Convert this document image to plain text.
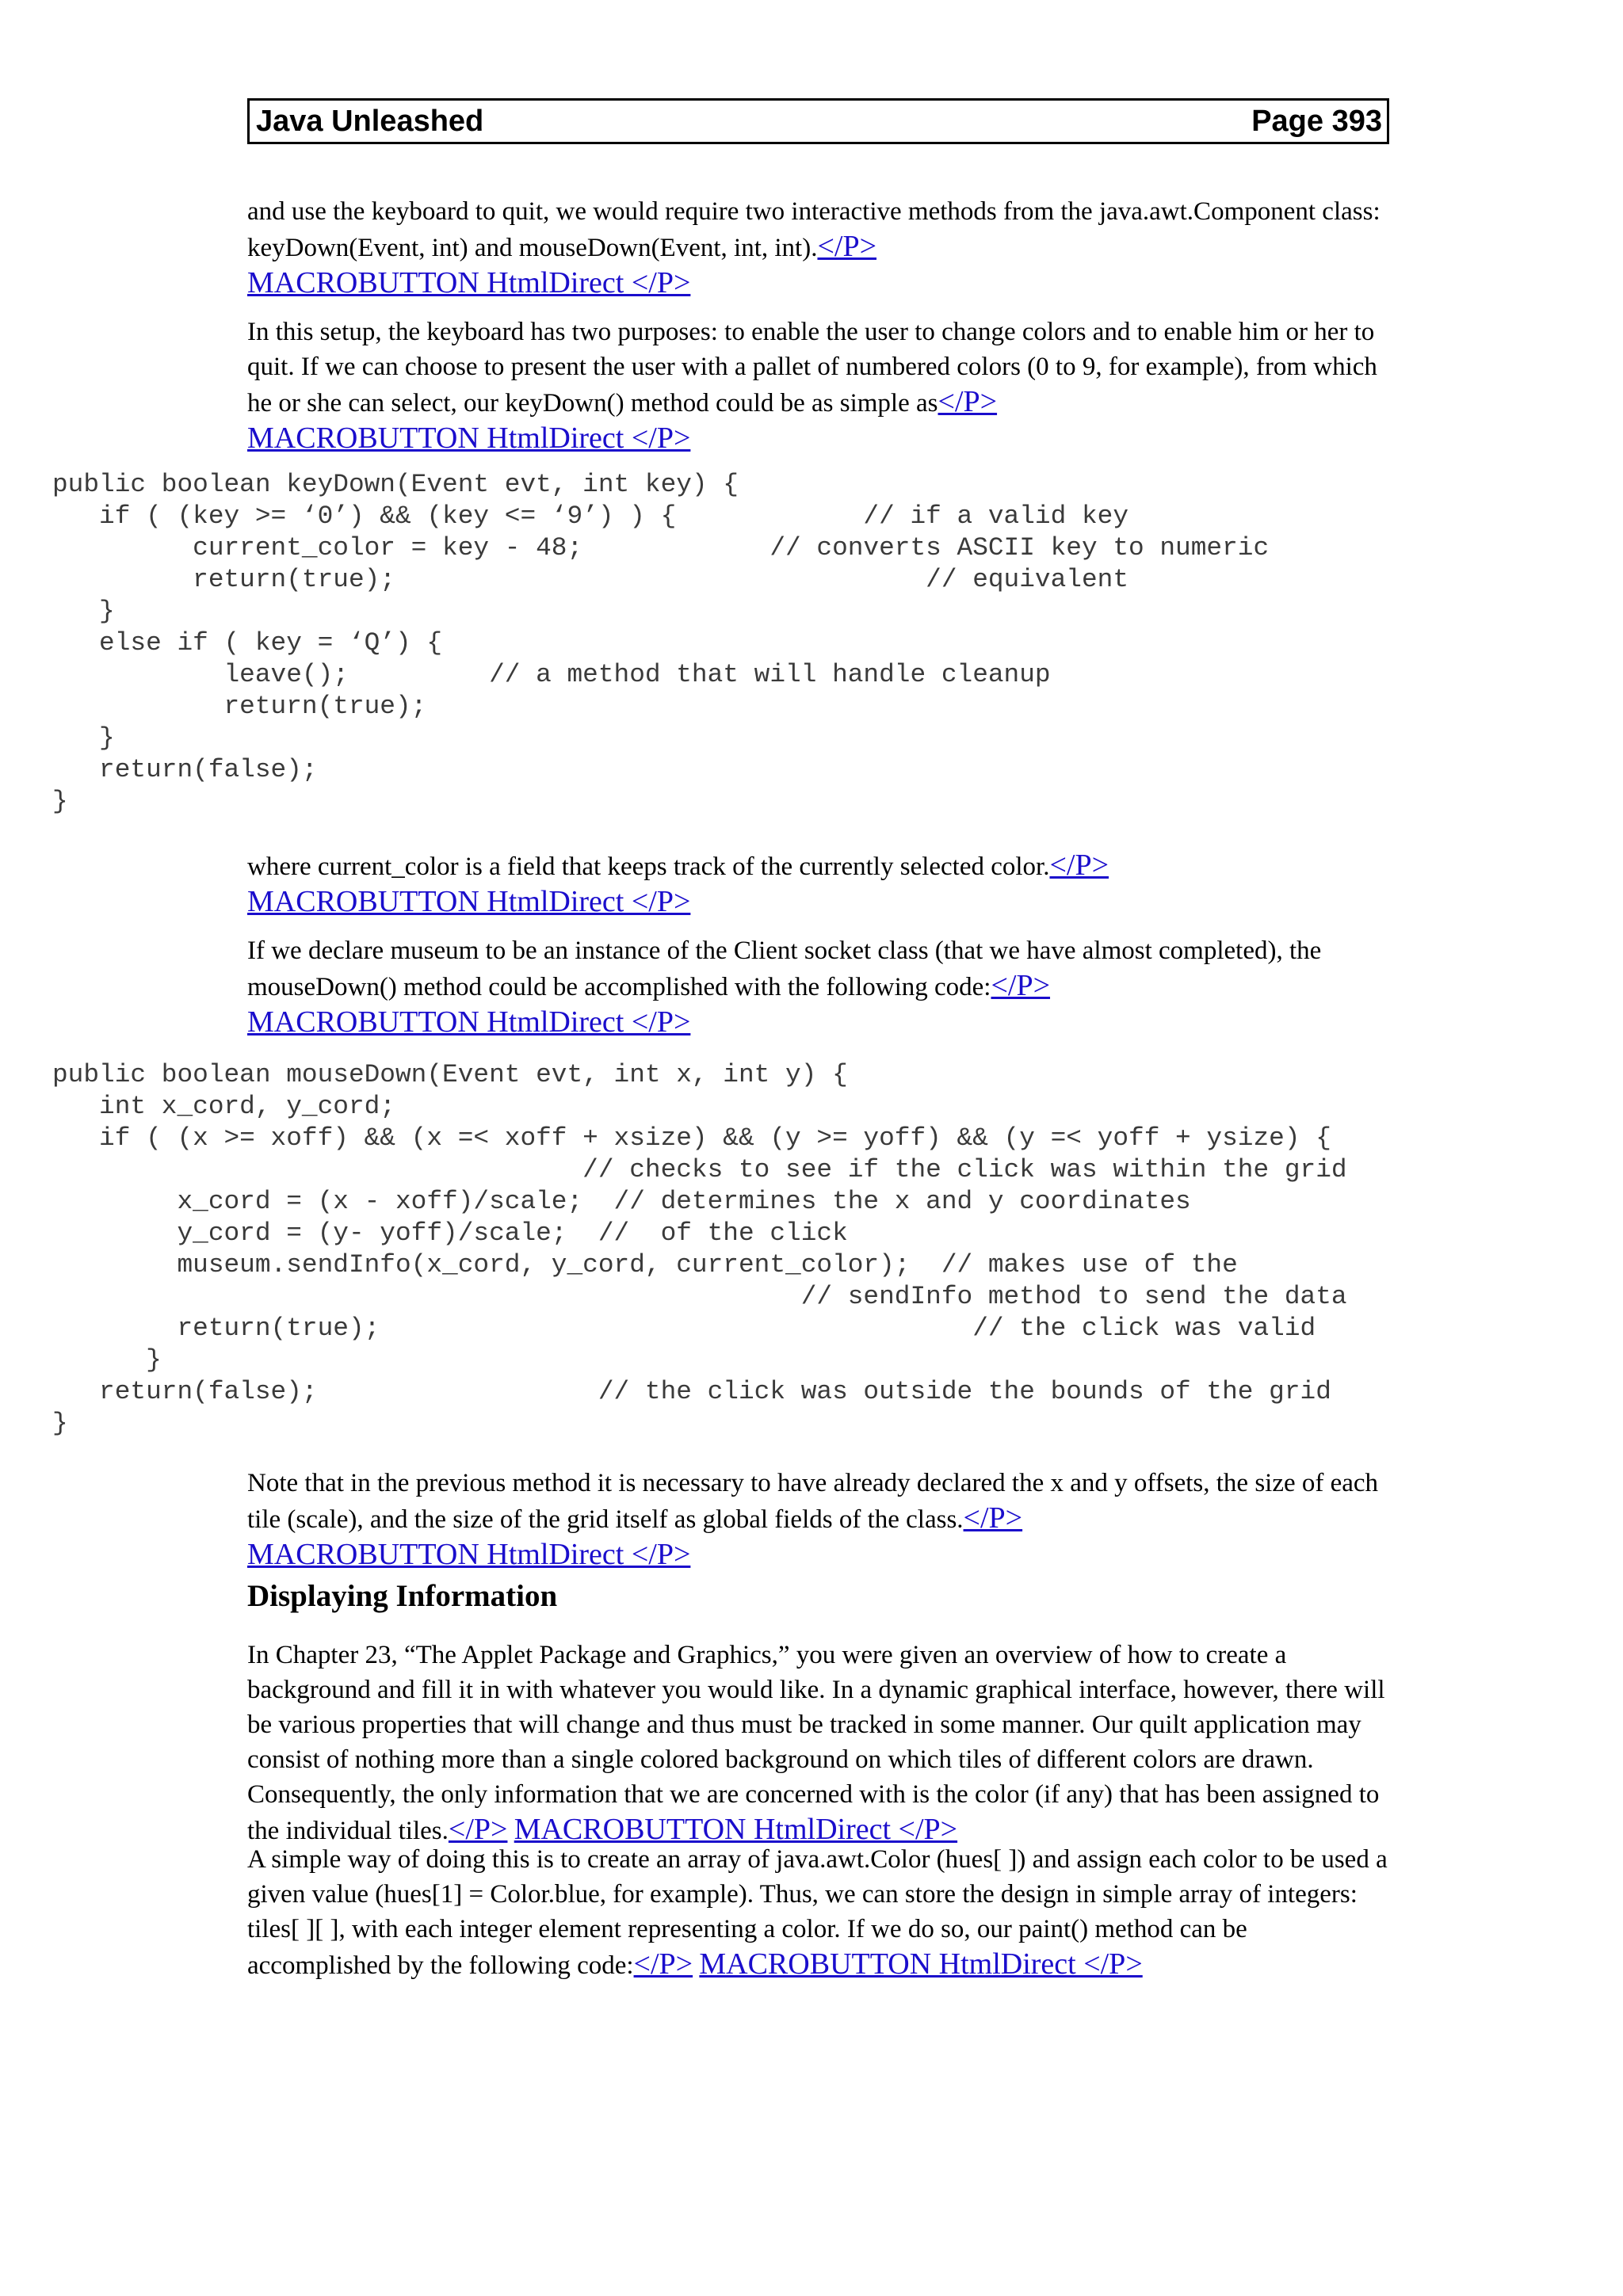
Java Unleashed	Page 393

and use the keyboard to quit, we would require two interactive methods from the java.awt.Component class: keyDown(Event, int) and mouseDown(Event, int, int).</P>
MACROBUTTON HtmlDirect </P>

In this setup, the keyboard has two purposes: to enable the user to change colors and to enable him or her to quit. If we can choose to present the user with a pallet of numbered colors (0 to 9, for example), from which he or she can select, our keyDown() method could be as simple as</P>
MACROBUTTON HtmlDirect </P>

public boolean keyDown(Event evt, int key) {
if ( (key >= ‘0’) && (key <= ‘9’) ) {            // if a valid key
current_color = key - 48;            // converts ASCII key to numeric
return(true);                                  // equivalent
}
else if ( key = ‘Q’) {
leave();         // a method that will handle cleanup
return(true);
}
return(false);
}

where current_color is a field that keeps track of the currently selected color.</P>
MACROBUTTON HtmlDirect </P>

If we declare museum to be an instance of the Client socket class (that we have almost completed), the mouseDown() method could be accomplished with the following code:</P>
MACROBUTTON HtmlDirect </P>

public boolean mouseDown(Event evt, int x, int y) {
int x_cord, y_cord;
if ( (x >= xoff) && (x =< xoff + xsize) && (y >= yoff) && (y =< yoff + ysize) {
// checks to see if the click was within the grid
x_cord = (x - xoff)/scale;  // determines the x and y coordinates
y_cord = (y- yoff)/scale;  //  of the click
museum.sendInfo(x_cord, y_cord, current_color);  // makes use of the
// sendInfo method to send the data
return(true);                                      // the click was valid
}
return(false);                  // the click was outside the bounds of the grid
}

Note that in the previous method it is necessary to have already declared the x and y offsets, the size of each tile (scale), and the size of the grid itself as global fields of the class.</P>
MACROBUTTON HtmlDirect </P>

Displaying Information

In Chapter 23, “The Applet Package and Graphics,” you were given an overview of how to create a background and fill it in with whatever you would like. In a dynamic graphical interface, however, there will be various properties that will change and thus must be tracked in some manner. Our quilt application may consist of nothing more than a single colored background on which tiles of different colors are drawn. Consequently, the only information that we are concerned with is the color (if any) that has been assigned to the individual tiles.</P> MACROBUTTON HtmlDirect </P>

A simple way of doing this is to create an array of java.awt.Color (hues[ ]) and assign each color to be used a given value (hues[1] = Color.blue, for example). Thus, we can store the design in simple array of integers: tiles[ ][ ], with each integer element representing a color. If we do so, our paint() method can be accomplished by the following code:</P> MACROBUTTON HtmlDirect </P>
